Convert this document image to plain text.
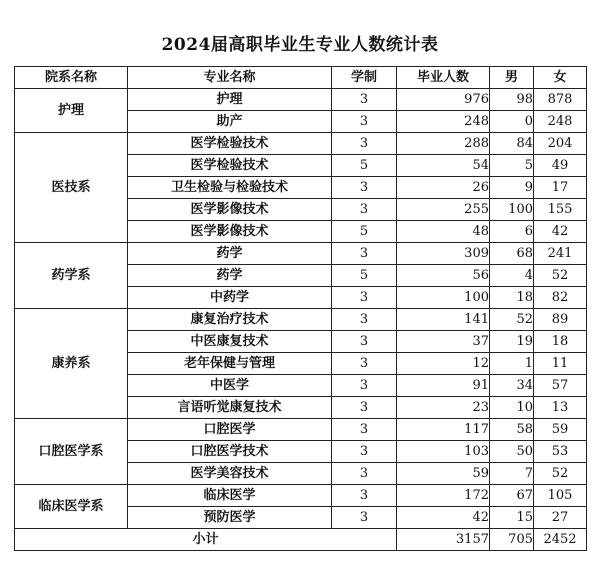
2024届高职毕业生专业人数统计表
院系名称	专业名称	学制	毕业人数	男	女
护理	护理	3	976	98	878
	助产	3	248	0	248
医技系	医学检验技术	3	288	84	204
	医学检验技术	5	54	5	49
	卫生检验与检验技术	3	26	9	17
	医学影像技术	3	255	100	155
	医学影像技术	5	48	6	42
药学系	药学	3	309	68	241
	药学	5	56	4	52
	中药学	3	100	18	82
康养系	康复治疗技术	3	141	52	89
	中医康复技术	3	37	19	18
	老年保健与管理	3	12	1	11
	中医学	3	91	34	57
	言语听觉康复技术	3	23	10	13
口腔医学系	口腔医学	3	117	58	59
	口腔医学技术	3	103	50	53
	医学美容技术	3	59	7	52
临床医学系	临床医学	3	172	67	105
	预防医学	3	42	15	27
小计			3157	705	2452
